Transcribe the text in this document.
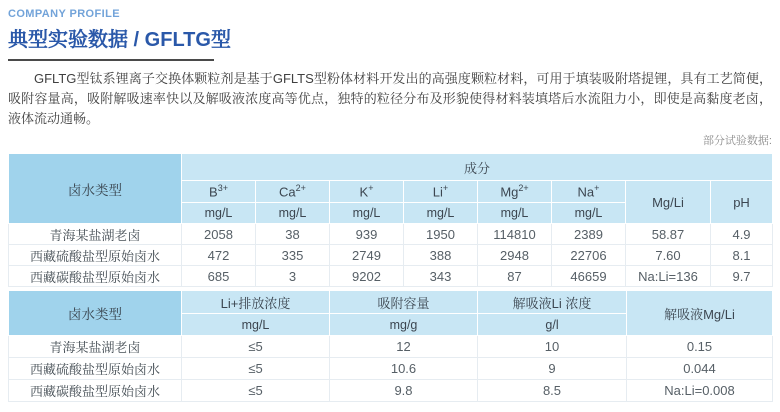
COMPANY PROFILE
典型实验数据 / GFLTG型

GFLTG型钛系锂离子交换体颗粒剂是基于GFLTS型粉体材料开发出的高强度颗粒材料，可用于填装吸附塔提锂，具有工艺简便，吸附容量高，吸附解吸速率快以及解吸液浓度高等优点，独特的粒径分布及形貌使得材料装填塔后水流阻力小，即使是高黏度老卤，液体流动通畅。

部分试验数据:
卤水类型	成分							
	$B^{3+}$	$Ca^{2+}$	K+	Li+	$Mg^{2+}$	Na+	Mg/Li	pH
	mg/L	mg/L	mg/L	mg/L	mg/L	mg/L		
青海某盐湖老卤	2058	38	939	1950	114810	2389	58.87	4.9
西藏硫酸盐型原始卤水	472	335	2749	388	2948	22706	7.60	8.1
西藏碳酸盐型原始卤水	685	3	9202	343	87	46659	Na:Li=136	9.7
卤水类型	Li+排放浓度	吸附容量	解吸液Li 浓度	解吸液Mg/Li
	mg/L	mg/g	g/l	
青海某盐湖老卤	≤5	12	10	0.15
西藏硫酸盐型原始卤水	≤5	10.6	9	0.044
西藏碳酸盐型原始卤水	≤5	9.8	8.5	Na:Li=0.008
